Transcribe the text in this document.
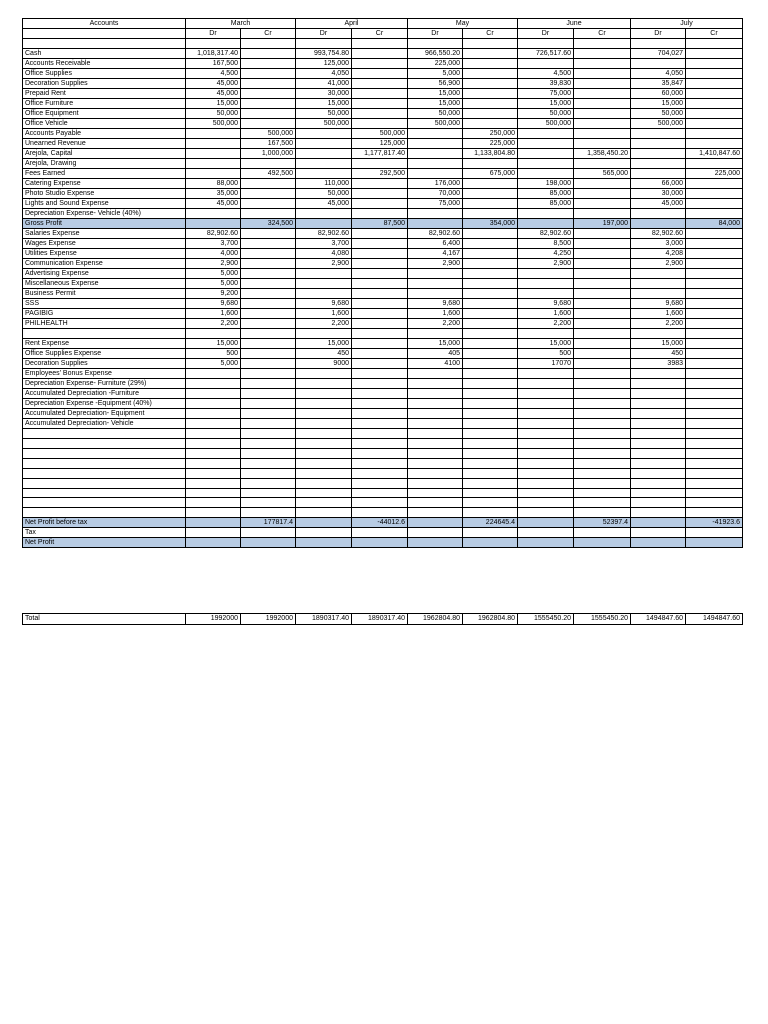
Accounts	March		April		May		June		July	
	Dr	Cr	Dr	Cr	Dr	Cr	Dr	Cr	Dr	Cr

Cash	1,018,317.40		993,754.80		966,550.20		726,517.60		704,027	
Accounts Receivable	167,500		125,000		225,000					
Office Supplies	4,500		4,050		5,000		4,500		4,050	
Decoration Supplies	45,000		41,000		56,900		39,830		35,847	
Prepaid Rent	45,000		30,000		15,000		75,000		60,000	
Office Furniture	15,000		15,000		15,000		15,000		15,000	
Office Equipment	50,000		50,000		50,000		50,000		50,000	
Office Vehicle	500,000		500,000		500,000		500,000		500,000	
Accounts Payable		500,000		500,000		250,000				
Unearned Revenue		167,500		125,000		225,000				
Arejola, Capital		1,000,000		1,177,817.40		1,133,804.80		1,358,450.20		1,410,847.60
Arejola, Drawing										
Fees Earned		492,500		292,500		675,000		565,000		225,000
Catering Expense	88,000		110,000		176,000		198,000		66,000	
Photo Studio Expense	35,000		50,000		70,000		85,000		30,000	
Lights and Sound Expense	45,000		45,000		75,000		85,000		45,000	
Depreciation Expense- Vehicle (40%)										
Gross Profit		324,500		87,500		354,000		197,000		84,000
Salaries Expense	82,902.60		82,902.60		82,902.60		82,902.60		82,902.60	
Wages Expense	3,700		3,700		6,400		8,500		3,000	
Utilities Expense	4,000		4,080		4,167		4,250		4,208	
Communication Expense	2,900		2,900		2,900		2,900		2,900	
Advertising Expense	5,000									
Miscellaneous Expense	5,000									
Business Permit	9,200									
SSS	9,680		9,680		9,680		9,680		9,680	
PAGIBIG	1,600		1,600		1,600		1,600		1,600	
PHILHEALTH	2,200		2,200		2,200		2,200		2,200	

Rent Expense	15,000		15,000		15,000		15,000		15,000	
Office Supplies Expense	500		450		405		500		450	
Decoration Supplies	5,000		9000		4100		17070		3983	
Employees' Bonus Expense										
Depreciation Expense- Furniture (29%)										
Accumulated Depreciation -Furniture										
Depreciation Expense -Equipment (40%)										
Accumulated Depreciation- Equipment										
Accumulated Depreciation- Vehicle										

Net Profit before tax		177817.4		-44012.6		224645.4		52397.4		-41923.6
Tax										
Net Profit										
Total	1992000	1992000	1890317.40	1890317.40	1962804.80	1962804.80	1555450.20	1555450.20	1494847.60	1494847.60
